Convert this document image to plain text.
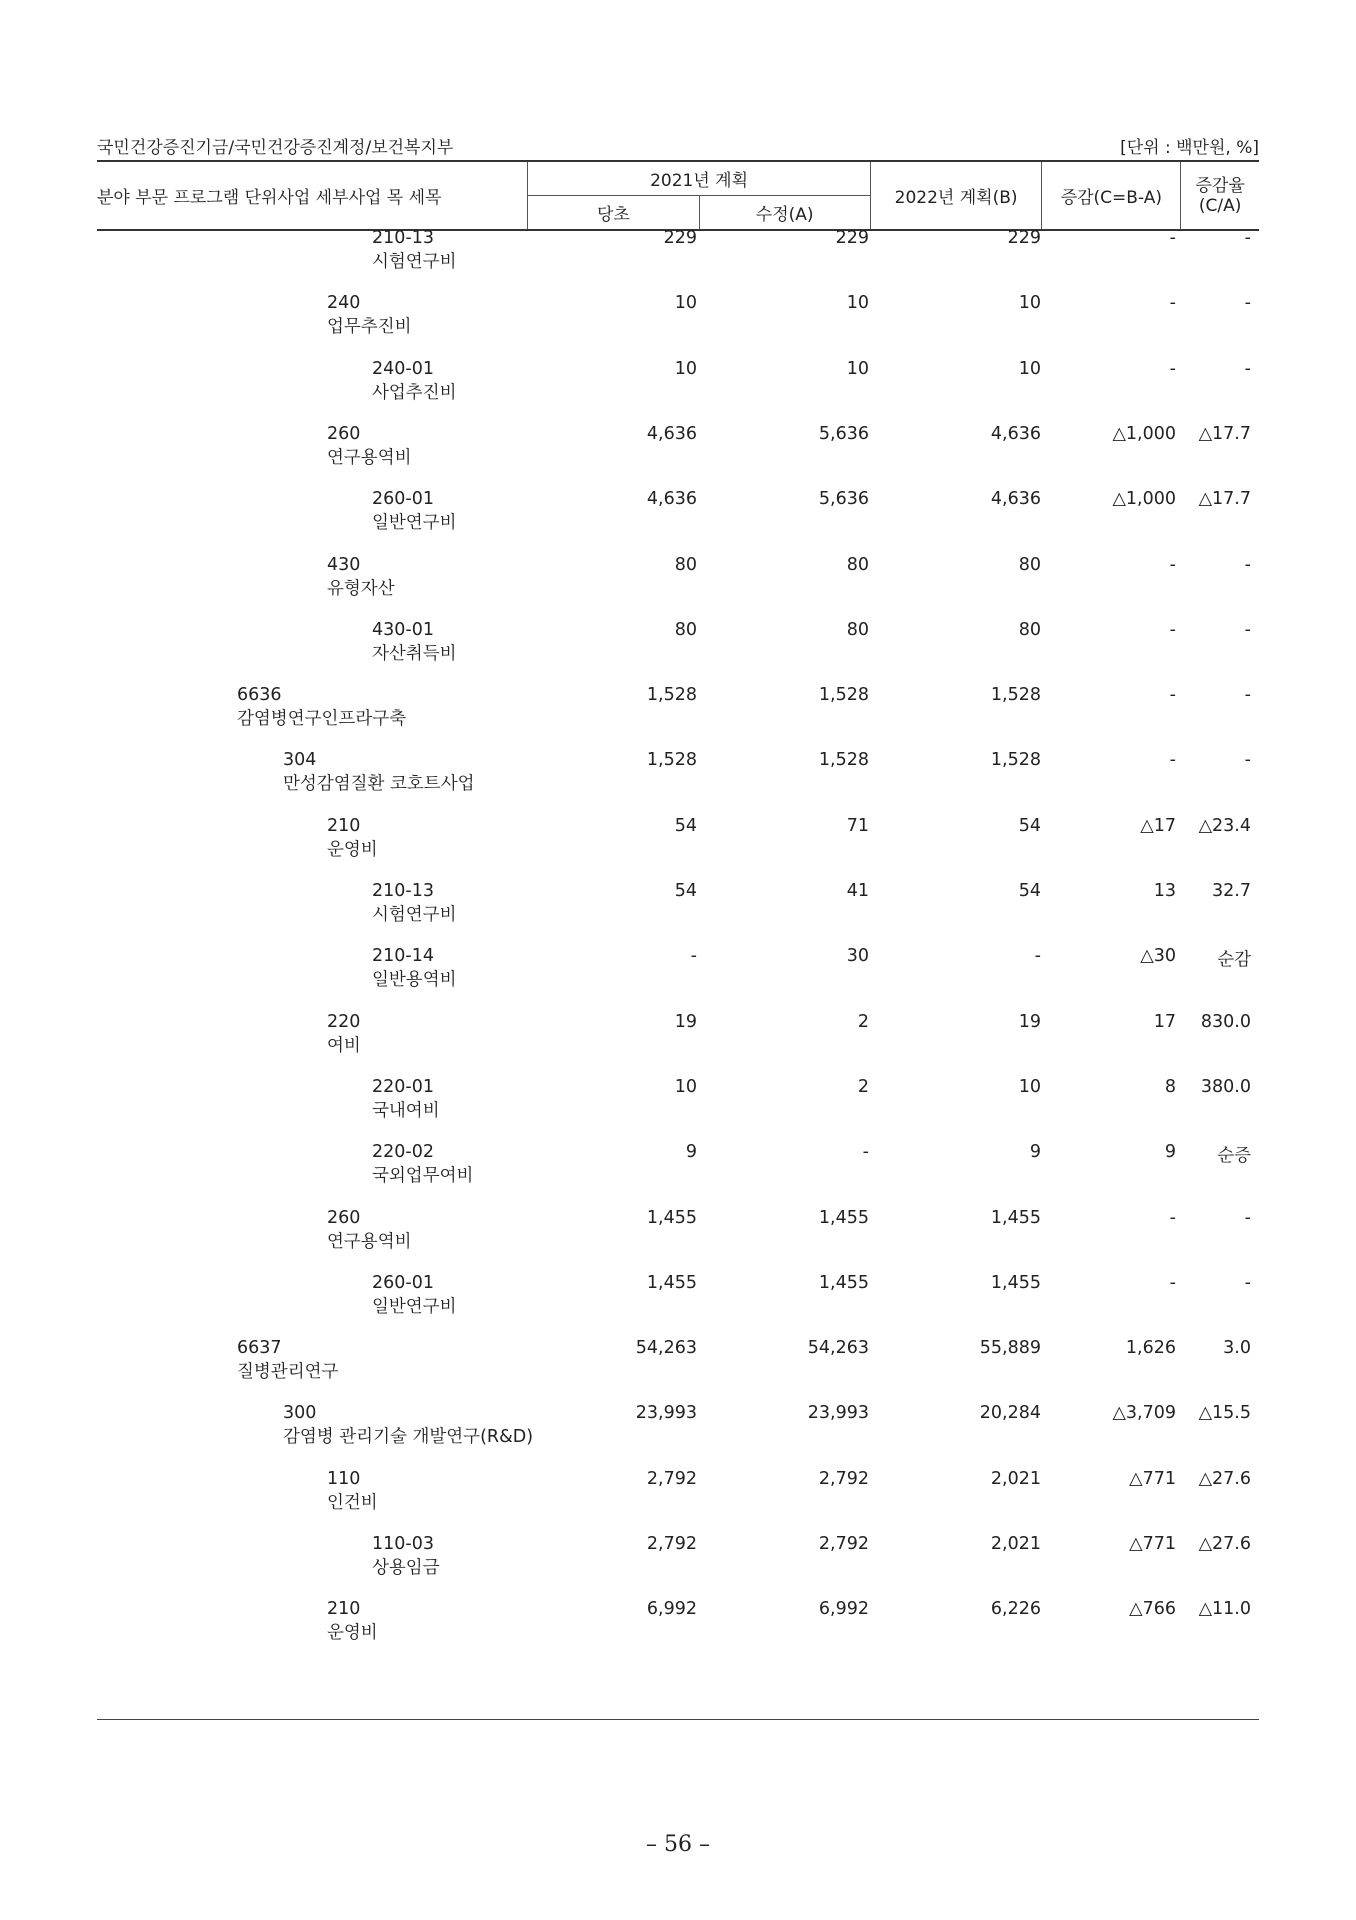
국민건강증진기금/국민건강증진계정/보건복지부	[단위 : 백만원, %]
분야 부문 프로그램 단위사업 세부사업 목 세목	2021년 계획		2022년 계획(B)	증감(C=B-A)	증감율
(C/A)
	당초	수정(A)			
210-13
시험연구비
229	229	229	-	-
240
업무추진비
10	10	10	-	-
240-01
사업추진비
10	10	10	-	-
260
연구용역비
4,636	5,636	4,636	△1,000 △17.7
260-01
일반연구비
4,636	5,636	4,636	△1,000 △17.7
430
유형자산
80	80	80	-	-
430-01
자산취득비
80	80	80	-	-
6636
감염병연구인프라구축
1,528	1,528	1,528	-	-
304
만성감염질환 코호트사업
1,528	1,528	1,528	-	-
210
운영비
54	71	54	△17 △23.4
210-13
시험연구비
54	41	54	13 32.7
210-14
일반용역비
-	30	-	△30 순감
220
여비
19	2	19	17 830.0
220-01
국내여비
10	2	10	8 380.0
220-02
국외업무여비
9	-	9	9 순증
260
연구용역비
1,455	1,455	1,455	-	-
260-01
일반연구비
1,455	1,455	1,455	-	-
6637
질병관리연구
54,263	54,263	55,889	1,626	3.0
300
감염병 관리기술 개발연구(R&D)
23,993	23,993	20,284	△3,709 △15.5
110
인건비
2,792	2,792	2,021	△771 △27.6
110-03
상용임금
2,792	2,792	2,021	△771 △27.6
210
운영비
6,992	6,992	6,226	△766 △11.0
– 56 –
